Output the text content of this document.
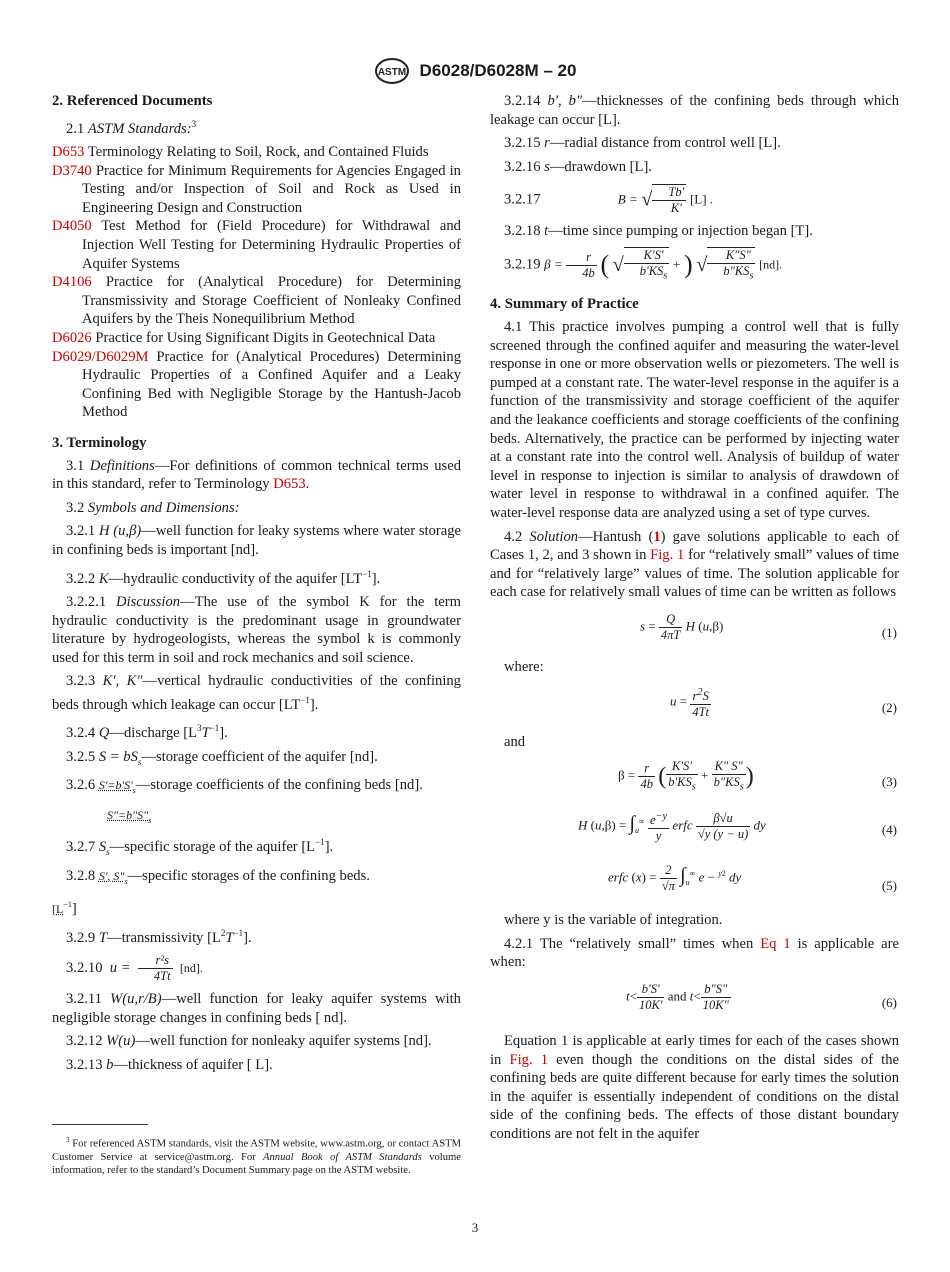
ASTM D6028/D6028M – 20
2. Referenced Documents

2.1 ASTM Standards:$^3$

D653 Terminology Relating to Soil, Rock, and Contained Fluids

D3740 Practice for Minimum Requirements for Agencies Engaged in Testing and/or Inspection of Soil and Rock as Used in Engineering Design and Construction

D4050 Test Method for (Field Procedure) for Withdrawal and Injection Well Testing for Determining Hydraulic Properties of Aquifer Systems

D4106 Practice for (Analytical Procedure) for Determining Transmissivity and Storage Coefficient of Nonleaky Confined Aquifers by the Theis Nonequilibrium Method

D6026 Practice for Using Significant Digits in Geotechnical Data

D6029/D6029M Practice for (Analytical Procedures) Determining Hydraulic Properties of a Confined Aquifer and a Leaky Confining Bed with Negligible Storage by the Hantush-Jacob Method

3. Terminology

3.1 Definitions—For definitions of common technical terms used in this standard, refer to Terminology D653.

3.2 Symbols and Dimensions:

3.2.1 H (u,β)—well function for leaky systems where water storage in confining beds is important [nd].

3.2.2 K—hydraulic conductivity of the aquifer $[LT^{-1}]$.

3.2.2.1 Discussion—The use of the symbol K for the term hydraulic conductivity is the predominant usage in groundwater literature by hydrogeologists, whereas the symbol k is commonly used for this term in soil and rock mechanics and soil science.

3.2.3 K′, K″—vertical hydraulic conductivities of the confining beds through which leakage can occur $[LT^{-1}]$.

3.2.4 Q—discharge $[L^3T^{-1}]$.

3.2.5 $S = bS_s—storage$ coefficient of the aquifer [nd].

3.2.6 $S'=b'S'_s—storage$ coefficients of the confining beds [nd].

$S"=b"S"_s$

3.2.7 $S_s—specific$ storage of the aquifer $[L^{-1}]$.

3.2.8 S', $S"_s—specific$ storages of the confining beds.

$[L^{-1}]$

3.2.9 T—transmissivity $[L^2T^{-1}]$.

3.2.10 $u = \frac{\text{r²s}}{4Tt} [nd]$.

3.2.11 W(u,r/B)—well function for leaky aquifer systems with negligible storage changes in confining beds [ nd].

3.2.12 W(u)—well function for nonleaky aquifer systems [nd].

3.2.13 b—thickness of aquifer [ L].

$^3$ For referenced ASTM standards, visit the ASTM website, www.astm.org, or contact ASTM Customer Service at service@astm.org. For Annual Book of ASTM Standards volume information, refer to the standard’s Document Summary page on the ASTM website.

3.2.14 b′, b″—thicknesses of the confining beds through which leakage can occur [L].

3.2.15 r—radial distance from control well [L].

3.2.16 s—drawdown [L].

3.2.17	B = √ $\frac{Tb'}{K'} [L]$ .

3.2.18 t—time since pumping or injection began [T].

3.2.19 $\beta = \frac{r}{4b}$ ( √ $\frac{K'S'}{b'KS_s}$ + ) √ $\frac{K"S"}{b"KS_s} [nd]$.

4. Summary of Practice

4.1 This practice involves pumping a control well that is fully screened through the confined aquifer and measuring the water-level response in one or more observation wells or piezometers. The well is pumped at a constant rate. The water-level response in the aquifer is a function of the transmissivity and storage coefficient of the aquifer and the leakance coefficients and storage coefficients of the confining beds. Alternatively, the practice can be performed by injecting water at a constant rate into the control well. Analysis of buildup of water level in response to injection is similar to analysis of drawdown of water level in response to withdrawal in a confined aquifer. The water-level response data are analyzed using a set of type curves.

4.2 Solution—Hantush (1) gave solutions applicable to each of Cases 1, 2, and 3 shown in Fig. 1 for “relatively small” values of time and for “relatively large” values of time. The solution applicable for each case for relatively small values of time can be written as follows

$s = \frac{Q}{4\pi T}$ H (u,β)	(1)

where:

$u = \frac{r^2S}{4Tt}$	(2)

and

$\beta = \frac{r}{4b}$ ( $\frac{K'S'}{b'KS_s} + \frac{K" S"}{b"KS_s}$ )	(3)
H $(u,\beta) = \int_u^\infty \frac{e^{-y}}{y}$ erfc $\frac{\beta√u}{√y (y - u)}$ dy	(4)
erfc $(x) = \frac{2}{√\pi} \int_u^\infty$ e − $^{y2}$ dy
(5)

where y is the variable of integration.

4.2.1 The “relatively small” times when Eq 1 is applicable are when:

$t< \frac{b'S'}{10K'}$ and $t< \frac{b"S"}{10K"}$	(6)

Equation 1 is applicable at early times for each of the cases shown in Fig. 1 even though the conditions on the distal sides of the confining beds are quite different because for early times the solution in the aquifer is essentially independent of conditions on the distal side of the confining beds. The effects of those distant boundary conditions are not felt in the aquifer

3
